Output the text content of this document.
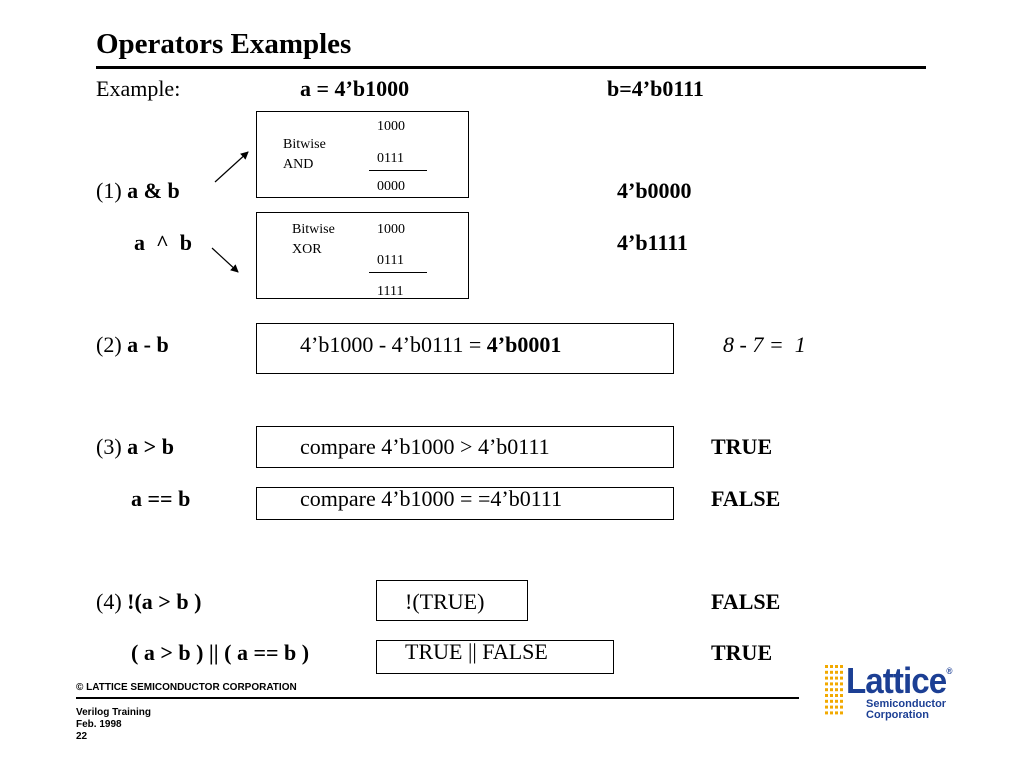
Operators Examples
Example:	a = 4’b1000	b=4’b0111
Bitwise
AND
1000
0111
0000
Bitwise
XOR
1000
0111
1111
(1) a & b	4’b0000
a  ^  b	4’b1111
(2) a - b	4’b1000 - 4’b0111 = 4’b0001	8 - 7 =  1
(3) a > b	compare 4’b1000 > 4’b0111	TRUE
a == b	compare 4’b1000 = =4’b0111	FALSE
(4) !(a > b )	!(TRUE)	FALSE
( a > b ) || ( a == b )	TRUE || FALSE	TRUE
© LATTICE SEMICONDUCTOR CORPORATION
Verilog Training
Feb. 1998
22
Lattice®
Semiconductor
Corporation
